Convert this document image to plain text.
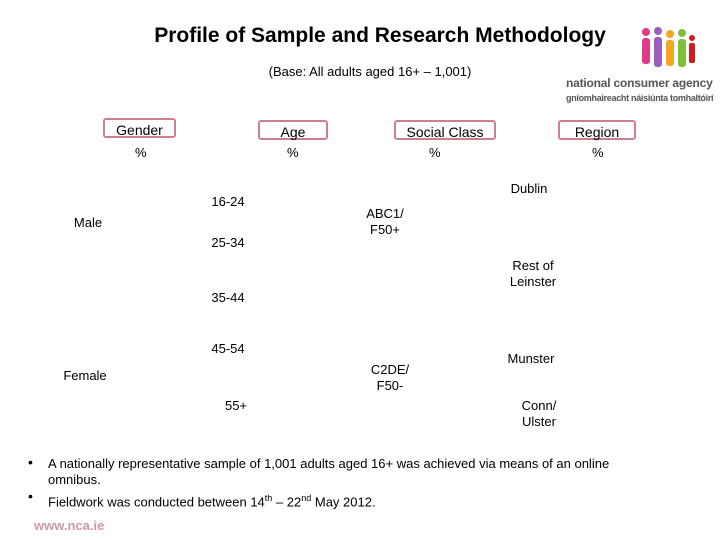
Profile of Sample and Research Methodology
(Base: All adults aged 16+ – 1,001)
national consumer agency
gníomhaireacht náisiúnta tomhaltóirí
Gender	Age	Social Class	Region
%	%	%	%
Male
Female
16-24
25-34
35-44
45-54
55+
ABC1/
F50+
C2DE/
F50-
Dublin
Rest of
Leinster
Munster
Conn/
Ulster
• A nationally representative sample of 1,001 adults aged 16+ was achieved via means of an online
omnibus.
• Fieldwork was conducted between 14th – 22nd May 2012.
www.nca.ie
